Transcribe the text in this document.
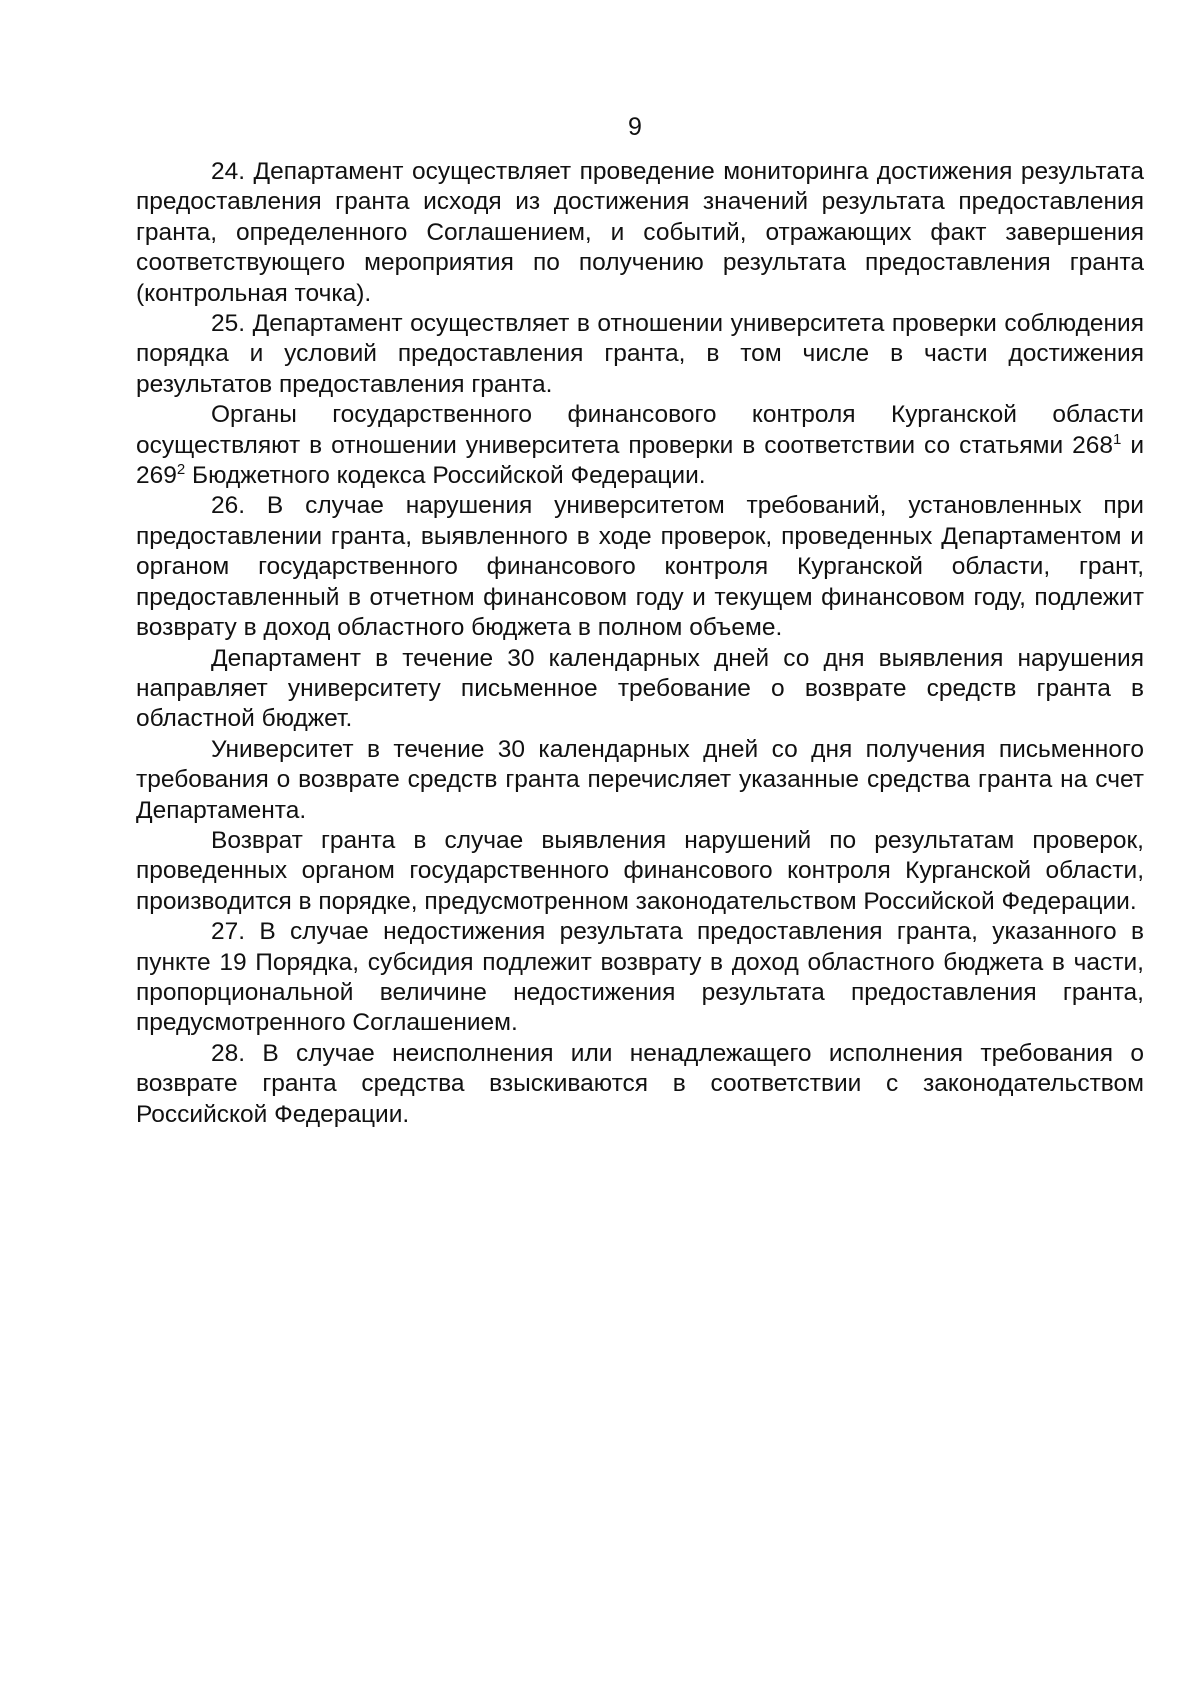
9

24. Департамент осуществляет проведение мониторинга достижения результата предоставления гранта исходя из достижения значений результата предоставления гранта, определенного Соглашением, и событий, отражающих факт завершения соответствующего мероприятия по получению результата предоставления гранта (контрольная точка).

25. Департамент осуществляет в отношении университета проверки соблюдения порядка и условий предоставления гранта, в том числе в части достижения результатов предоставления гранта.

Органы государственного финансового контроля Курганской области осуществляют в отношении университета проверки в соответствии со статьями $268^1$ и $269^2$ Бюджетного кодекса Российской Федерации.

26. В случае нарушения университетом требований, установленных при предоставлении гранта, выявленного в ходе проверок, проведенных Департаментом и органом государственного финансового контроля Курганской области, грант, предоставленный в отчетном финансовом году и текущем финансовом году, подлежит возврату в доход областного бюджета в полном объеме.

Департамент в течение 30 календарных дней со дня выявления нарушения направляет университету письменное требование о возврате средств гранта в областной бюджет.

Университет в течение 30 календарных дней со дня получения письменного требования о возврате средств гранта перечисляет указанные средства гранта на счет Департамента.

Возврат гранта в случае выявления нарушений по результатам проверок, проведенных органом государственного финансового контроля Курганской области, производится в порядке, предусмотренном законодательством Российской Федерации.

27. В случае недостижения результата предоставления гранта, указанного в пункте 19 Порядка, субсидия подлежит возврату в доход областного бюджета в части, пропорциональной величине недостижения результата предоставления гранта, предусмотренного Соглашением.

28. В случае неисполнения или ненадлежащего исполнения требования о возврате гранта средства взыскиваются в соответствии с законодательством Российской Федерации.
